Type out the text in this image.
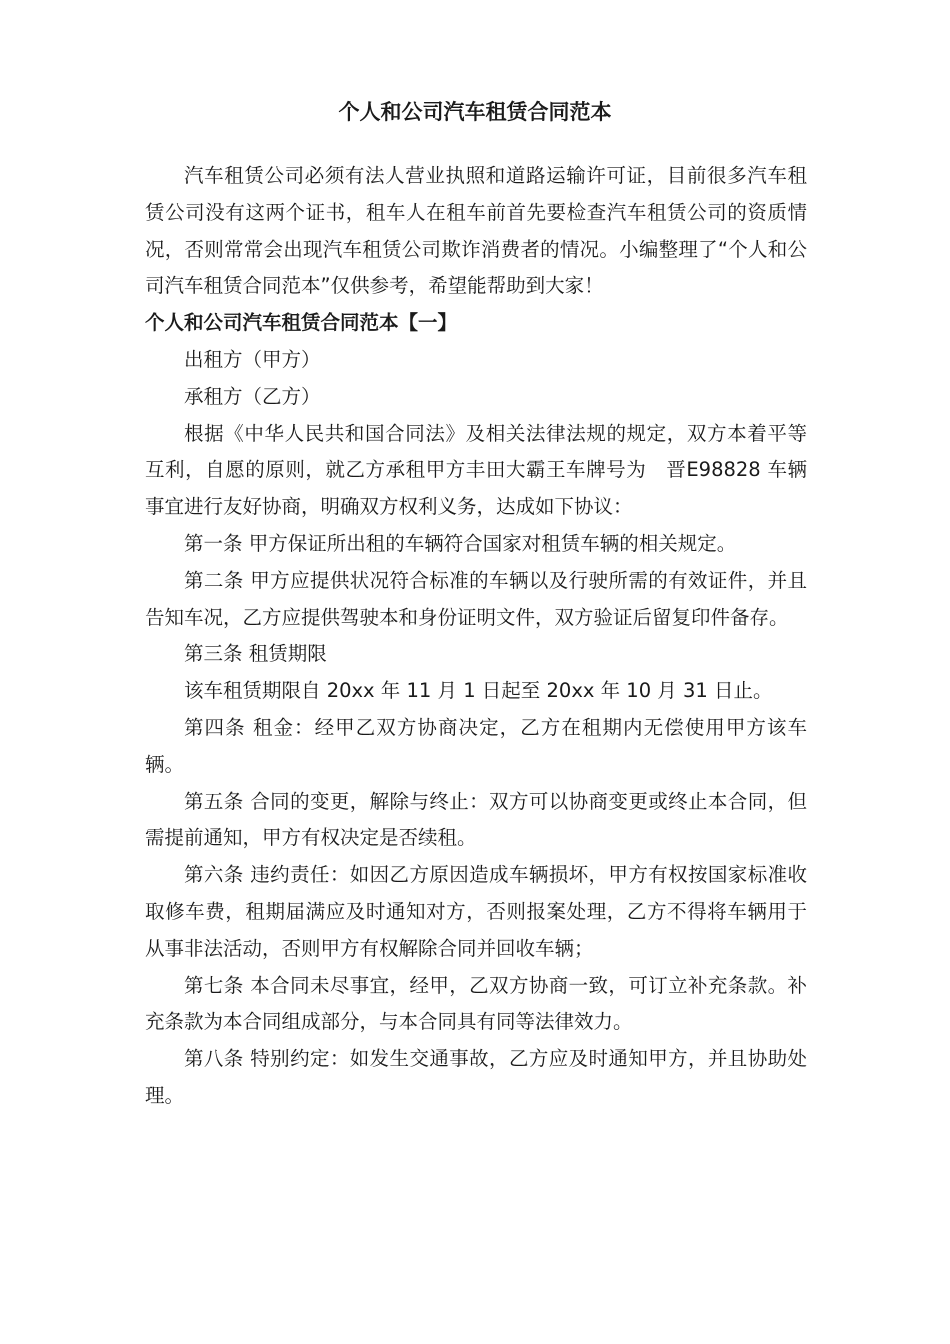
个人和公司汽车租赁合同范本

汽车租赁公司必须有法人营业执照和道路运输许可证，目前很多汽车租赁公司没有这两个证书，租车人在租车前首先要检查汽车租赁公司的资质情况，否则常常会出现汽车租赁公司欺诈消费者的情况。小编整理了“个人和公司汽车租赁合同范本”仅供参考，希望能帮助到大家！

个人和公司汽车租赁合同范本【一】

出租方（甲方）

承租方（乙方）

根据《中华人民共和国合同法》及相关法律法规的规定，双方本着平等互利，自愿的原则，就乙方承租甲方丰田大霸王车牌号为　晋E98828 车辆事宜进行友好协商，明确双方权利义务，达成如下协议：

第一条 甲方保证所出租的车辆符合国家对租赁车辆的相关规定。

第二条 甲方应提供状况符合标准的车辆以及行驶所需的有效证件，并且告知车况，乙方应提供驾驶本和身份证明文件，双方验证后留复印件备存。

第三条 租赁期限

该车租赁期限自 20xx 年 11 月 1 日起至 20xx 年 10 月 31 日止。

第四条 租金：经甲乙双方协商决定，乙方在租期内无偿使用甲方该车辆。

第五条 合同的变更，解除与终止：双方可以协商变更或终止本合同，但需提前通知，甲方有权决定是否续租。

第六条 违约责任：如因乙方原因造成车辆损坏，甲方有权按国家标准收取修车费，租期届满应及时通知对方，否则报案处理，乙方不得将车辆用于从事非法活动，否则甲方有权解除合同并回收车辆；

第七条 本合同未尽事宜，经甲，乙双方协商一致，可订立补充条款。补充条款为本合同组成部分，与本合同具有同等法律效力。

第八条 特别约定：如发生交通事故，乙方应及时通知甲方，并且协助处理。
